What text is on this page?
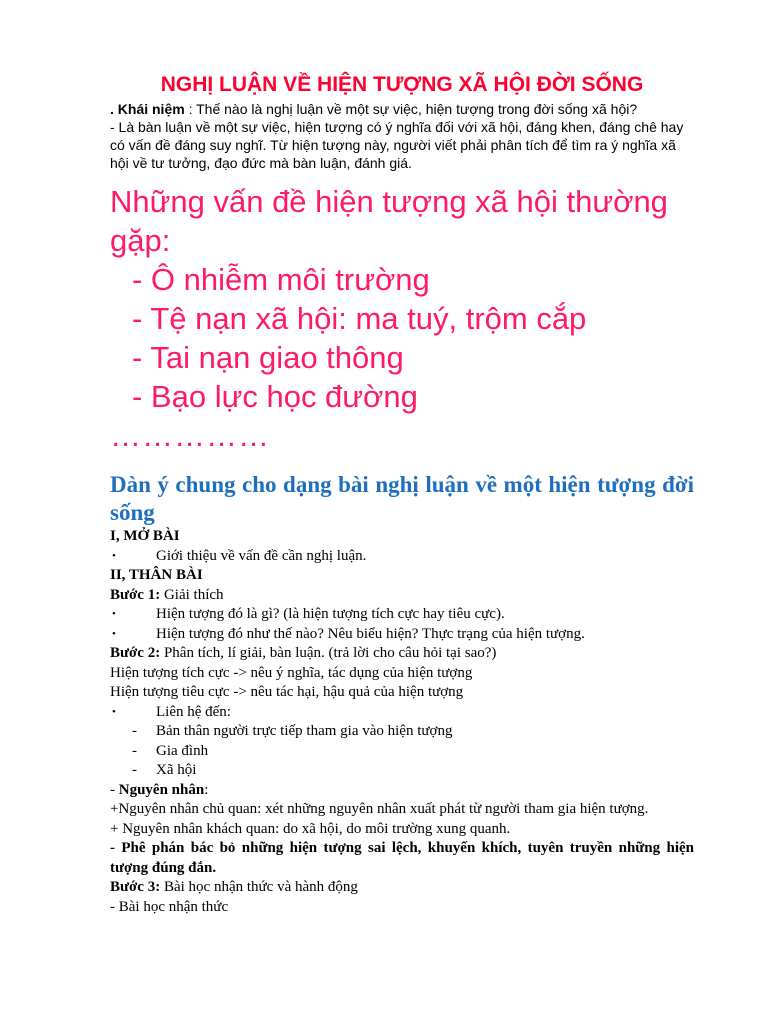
NGHỊ LUẬN VỀ HIỆN TƯỢNG XÃ HỘI ĐỜI SỐNG

. Khái niệm : Thế nào là nghị luận về một sự việc, hiện tượng trong đời sống xã hội?

- Là bàn luận về một sự việc, hiện tượng có ý nghĩa đối với xã hội, đáng khen, đáng chê hay có vấn đề đáng suy nghĩ. Từ hiện tượng này, người viết phải phân tích để tìm ra ý nghĩa xã hội về tư tưởng, đạo đức mà bàn luận, đánh giá.

Những vấn đề hiện tượng xã hội thường gặp:

- Ô nhiễm môi trường
- Tệ nạn xã hội: ma tuý, trộm cắp
- Tai nạn giao thông
- Bạo lực học đường

……………

Dàn ý chung cho dạng bài nghị luận về một hiện tượng đời sống

I, MỞ BÀI

•	Giới thiệu về vấn đề cần nghị luận.

II, THÂN BÀI

Bước 1: Giải thích

•	Hiện tượng đó là gì? (là hiện tượng tích cực hay tiêu cực).
•	Hiện tượng đó như thế nào? Nêu biểu hiện? Thực trạng của hiện tượng.

Bước 2: Phân tích, lí giải, bàn luận. (trả lời cho câu hỏi tại sao?)

Hiện tượng tích cực -> nêu ý nghĩa, tác dụng của hiện tượng

Hiện tượng tiêu cực -> nêu tác hại, hậu quả của hiện tượng

•	Liên hệ đến:
-	Bản thân người trực tiếp tham gia vào hiện tượng
-	Gia đình
-	Xã hội

- Nguyên nhân:

+Nguyên nhân chủ quan: xét những nguyên nhân xuất phát từ người tham gia hiện tượng.

+ Nguyên nhân khách quan: do xã hội, do môi trường xung quanh.

- Phê phán bác bỏ những hiện tượng sai lệch, khuyến khích, tuyên truyền những hiện tượng đúng đắn.

Bước 3: Bài học nhận thức và hành động

- Bài học nhận thức
